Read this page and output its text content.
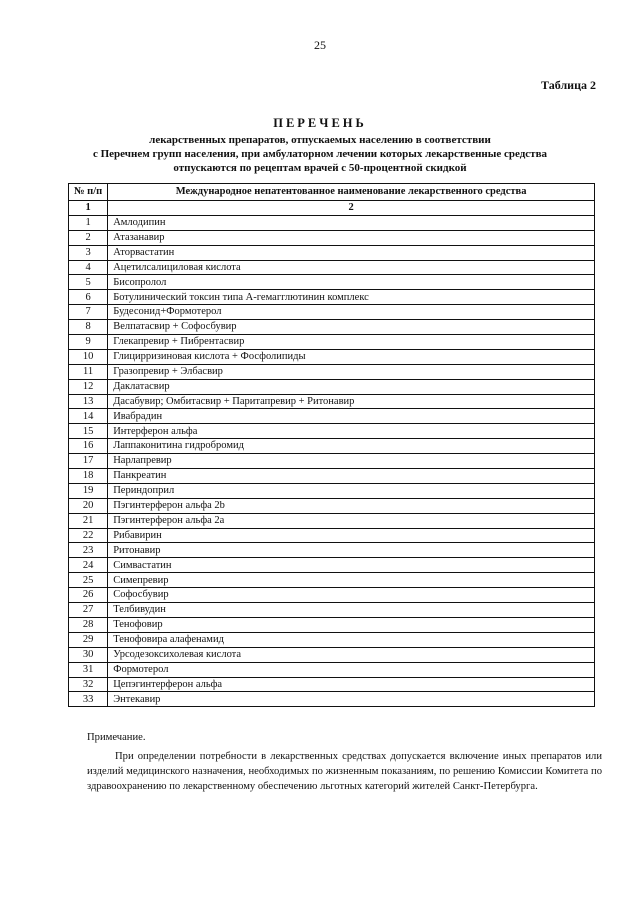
25
Таблица 2
ПЕРЕЧЕНЬ
лекарственных препаратов, отпускаемых населению в соответствии
с Перечнем групп населения, при амбулаторном лечении которых лекарственные средства
отпускаются по рецептам врачей с 50-процентной скидкой
№ п/п	Международное непатентованное наименование лекарственного средства
1	2
1	Амлодипин
2	Атазанавир
3	Аторвастатин
4	Ацетилсалициловая кислота
5	Бисопролол
6	Ботулинический токсин типа А-гемагглютинин комплекс
7	Будесонид+Формотерол
8	Велпатасвир + Софосбувир
9	Глекапревир + Пибрентасвир
10	Глицирризиновая кислота + Фосфолипиды
11	Гразопревир + Элбасвир
12	Даклатасвир
13	Дасабувир; Омбитасвир + Паритапревир + Ритонавир
14	Ивабрадин
15	Интерферон альфа
16	Лаппаконитина гидробромид
17	Нарлапревир
18	Панкреатин
19	Периндоприл
20	Пэгинтерферон альфа 2b
21	Пэгинтерферон альфа 2а
22	Рибавирин
23	Ритонавир
24	Симвастатин
25	Симепревир
26	Софосбувир
27	Телбивудин
28	Тенофовир
29	Тенофовира алафенамид
30	Урсодезоксихолевая кислота
31	Формотерол
32	Цепэгинтерферон альфа
33	Энтекавир
Примечание.
При определении потребности в лекарственных средствах допускается включение иных препаратов или изделий медицинского назначения, необходимых по жизненным показаниям, по решению Комиссии Комитета по здравоохранению по лекарственному обеспечению льготных категорий жителей Санкт-Петербурга.
